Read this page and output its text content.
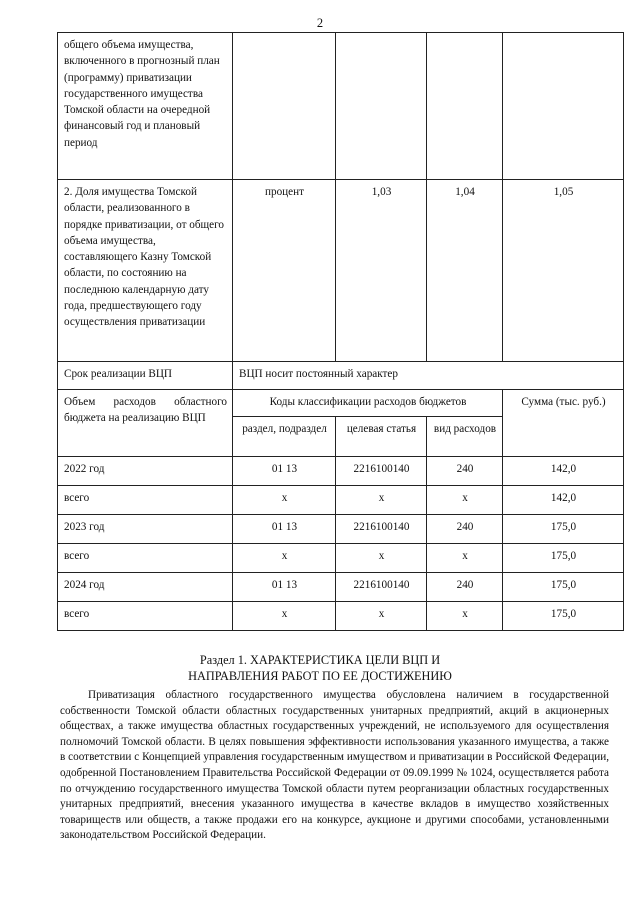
2
общего объема имущества, включенного в прогнозный план (программу) приватизации государственного имущества Томской области на очередной финансовый год и плановый период				
2. Доля имущества Томской области, реализованного в порядке приватизации, от общего объема имущества, составляющего Казну Томской области, по состоянию на последнюю календарную дату года, предшествующего году осуществления приватизации	процент	1,03	1,04	1,05
Срок реализации ВЦП	ВЦП носит постоянный характер			
Объем расходов областного бюджета на реализацию ВЦП	Коды классификации расходов бюджетов			Сумма (тыс. руб.)
	раздел, подраздел	целевая статья	вид расходов	
2022 год	01 13	2216100140	240	142,0
всего	х	х	х	142,0
2023 год	01 13	2216100140	240	175,0
всего	х	х	х	175,0
2024 год	01 13	2216100140	240	175,0
всего	х	х	х	175,0
Раздел 1. ХАРАКТЕРИСТИКА ЦЕЛИ ВЦП И
НАПРАВЛЕНИЯ РАБОТ ПО ЕЕ ДОСТИЖЕНИЮ

Приватизация областного государственного имущества обусловлена наличием в государственной собственности Томской области областных государственных унитарных предприятий, акций в акционерных обществах, а также имущества областных государственных учреждений, не используемого для осуществления полномочий Томской области. В целях повышения эффективности использования указанного имущества, а также в соответствии с Концепцией управления государственным имуществом и приватизации в Российской Федерации, одобренной Постановлением Правительства Российской Федерации от 09.09.1999 № 1024, осуществляется работа по отчуждению государственного имущества Томской области путем реорганизации областных государственных унитарных предприятий, внесения указанного имущества в качестве вкладов в имущество хозяйственных товариществ или обществ, а также продажи его на конкурсе, аукционе и другими способами, установленными законодательством Российской Федерации.
